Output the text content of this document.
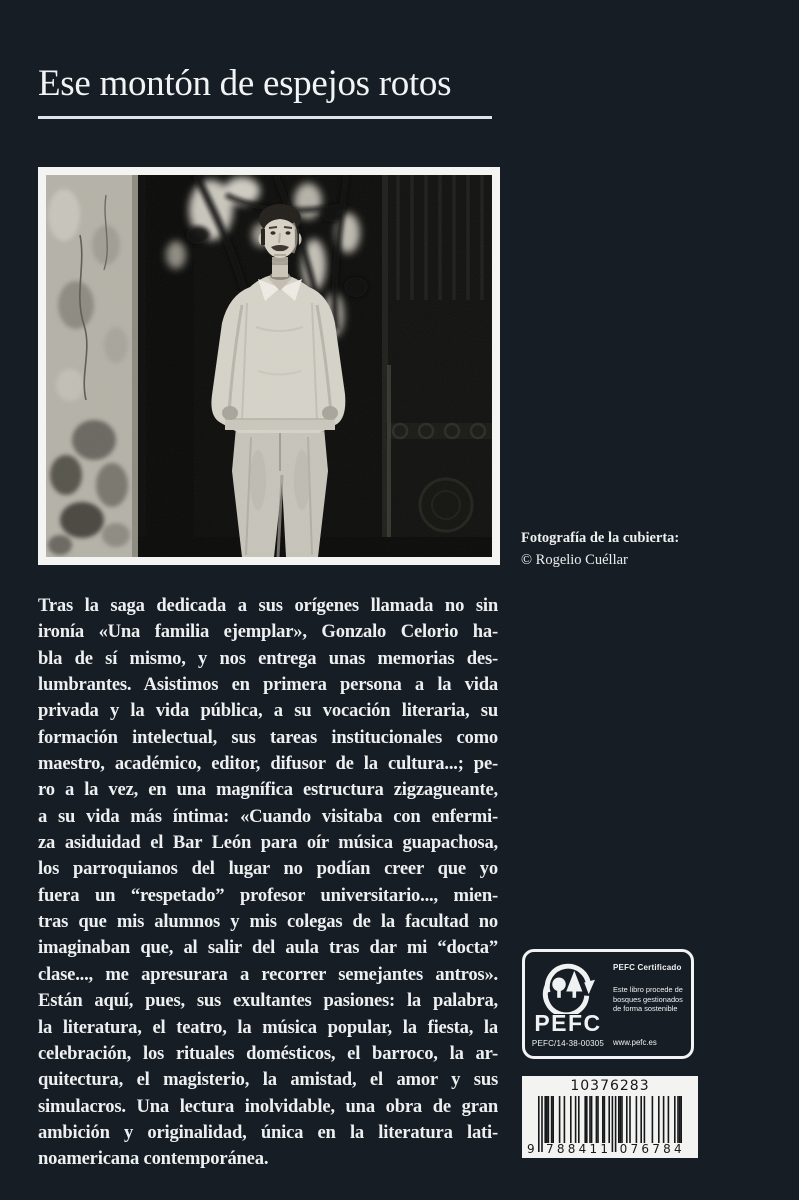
Ese montón de espejos rotos
Fotografía de la cubierta:
© Rogelio Cuéllar
Tras la saga dedicada a sus orígenes llamada no sin
ironía «Una familia ejemplar», Gonzalo Celorio ha-
bla de sí mismo, y nos entrega unas memorias des-
lumbrantes. Asistimos en primera persona a la vida
privada y la vida pública, a su vocación literaria, su
formación intelectual, sus tareas institucionales como
maestro, académico, editor, difusor de la cultura...; pe-
ro a la vez, en una magnífica estructura zigzagueante,
a su vida más íntima: «Cuando visitaba con enfermi-
za asiduidad el Bar León para oír música guapachosa,
los parroquianos del lugar no podían creer que yo
fuera un “respetado” profesor universitario..., mien-
tras que mis alumnos y mis colegas de la facultad no
imaginaban que, al salir del aula tras dar mi “docta”
clase..., me apresurara a recorrer semejantes antros».
Están aquí, pues, sus exultantes pasiones: la palabra,
la literatura, el teatro, la música popular, la fiesta, la
celebración, los rituales domésticos, el barroco, la ar-
quitectura, el magisterio, la amistad, el amor y sus
simulacros. Una lectura inolvidable, una obra de gran
ambición y originalidad, única en la literatura lati-
noamericana contemporánea.
PEFC
PEFC/14-38-00305
PEFC Certificado
Este libro procede de
bosques gestionados
de forma sostenible
www.pefc.es
10376283
9 788411 076784
